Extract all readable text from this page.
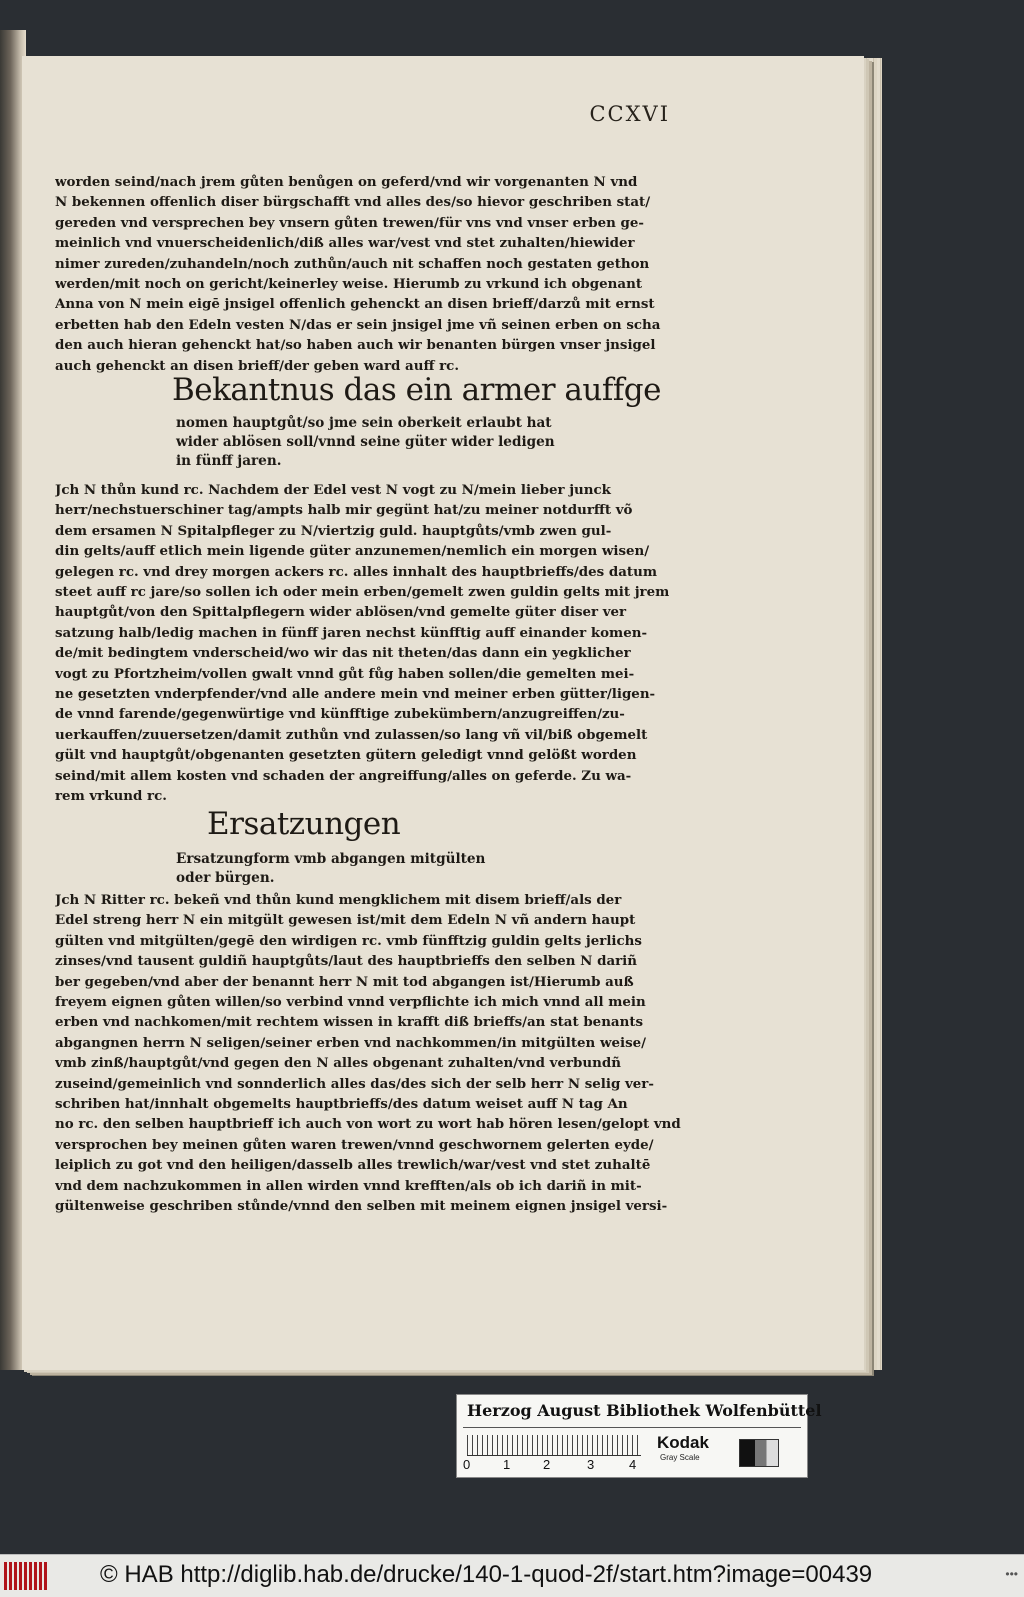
CCXVI
worden seind/nach jrem gůten benůgen on geferd/vnd wir vorgenanten N vnd
N bekennen offenlich diser bürgschafft vnd alles des/so hievor geschriben stat/
gereden vnd versprechen bey vnsern gůten trewen/für vns vnd vnser erben ge-
meinlich vnd vnuerscheidenlich/diß alles war/vest vnd stet zuhalten/hiewider
nimer zureden/zuhandeln/noch zuthůn/auch nit schaffen noch gestaten gethon
werden/mit noch on gericht/keinerley weise. Hierumb zu vrkund ich obgenant
Anna von N mein eigē jnsigel offenlich gehenckt an disen brieff/darzů mit ernst
erbetten hab den Edeln vesten N/das er sein jnsigel jme vñ seinen erben on scha
den auch hieran gehenckt hat/so haben auch wir benanten bürgen vnser jnsigel
auch gehenckt an disen brieff/der geben ward auff rc.
Bekantnus das ein armer auffge
nomen hauptgůt/so jme sein oberkeit erlaubt hat
wider ablösen soll/vnnd seine güter wider ledigen
in fünff jaren.
Jch N thůn kund rc. Nachdem der Edel vest N vogt zu N/mein lieber junck
herr/nechstuerschiner tag/ampts halb mir gegünt hat/zu meiner notdurfft võ
dem ersamen N Spitalpfleger zu N/viertzig guld. hauptgůts/vmb zwen gul-
din gelts/auff etlich mein ligende güter anzunemen/nemlich ein morgen wisen/
gelegen rc. vnd drey morgen ackers rc. alles innhalt des hauptbrieffs/des datum
steet auff rc jare/so sollen ich oder mein erben/gemelt zwen guldin gelts mit jrem
hauptgůt/von den Spittalpflegern wider ablösen/vnd gemelte güter diser ver
satzung halb/ledig machen in fünff jaren nechst künfftig auff einander komen-
de/mit bedingtem vnderscheid/wo wir das nit theten/das dann ein yegklicher
vogt zu Pfortzheim/vollen gwalt vnnd gůt fůg haben sollen/die gemelten mei-
ne gesetzten vnderpfender/vnd alle andere mein vnd meiner erben gütter/ligen-
de vnnd farende/gegenwürtige vnd künfftige zubekümbern/anzugreiffen/zu-
uerkauffen/zuuersetzen/damit zuthůn vnd zulassen/so lang vñ vil/biß obgemelt
gült vnd hauptgůt/obgenanten gesetzten gütern geledigt vnnd gelößt worden
seind/mit allem kosten vnd schaden der angreiffung/alles on geferde. Zu wa-
rem vrkund rc.
Ersatzungen
Ersatzungform vmb abgangen mitgülten
oder bürgen.
Jch N Ritter rc. bekeñ vnd thůn kund mengklichem mit disem brieff/als der
Edel streng herr N ein mitgült gewesen ist/mit dem Edeln N vñ andern haupt
gülten vnd mitgülten/gegē den wirdigen rc. vmb fünfftzig guldin gelts jerlichs
zinses/vnd tausent guldiñ hauptgůts/laut des hauptbrieffs den selben N dariñ
ber gegeben/vnd aber der benannt herr N mit tod abgangen ist/Hierumb auß
freyem eignen gůten willen/so verbind vnnd verpflichte ich mich vnnd all mein
erben vnd nachkomen/mit rechtem wissen in krafft diß brieffs/an stat benants
abgangnen herrn N seligen/seiner erben vnd nachkommen/in mitgülten weise/
vmb zinß/hauptgůt/vnd gegen den N alles obgenant zuhalten/vnd verbundñ
zuseind/gemeinlich vnd sonnderlich alles das/des sich der selb herr N selig ver-
schriben hat/innhalt obgemelts hauptbrieffs/des datum weiset auff N tag An
no rc. den selben hauptbrieff ich auch von wort zu wort hab hören lesen/gelopt vnd
versprochen bey meinen gůten waren trewen/vnnd geschwornem gelerten eyde/
leiplich zu got vnd den heiligen/dasselb alles trewlich/war/vest vnd stet zuhaltē
vnd dem nachzukommen in allen wirden vnnd krefften/als ob ich dariñ in mit-
gültenweise geschriben stůnde/vnnd den selben mit meinem eignen jnsigel versi-
Herzog August Bibliothek Wolfenbüttel
0	1	2	3	4
Kodak
Gray Scale
© HAB http://diglib.hab.de/drucke/140-1-quod-2f/start.htm?image=00439	•••
